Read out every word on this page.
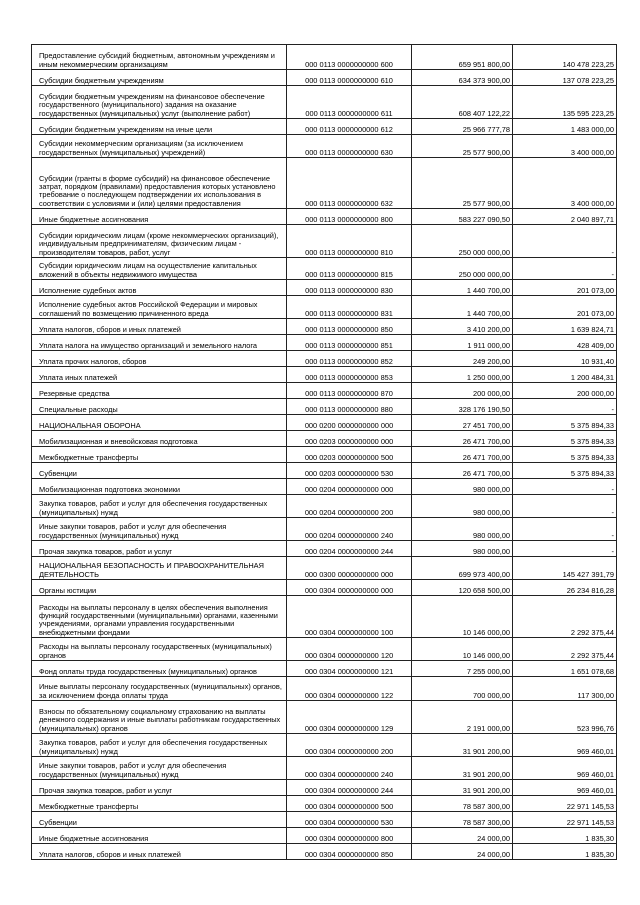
Предоставление субсидий бюджетным, автономным учреждениям и иным некоммерческим организациям	000 0113 0000000000 600	659 951 800,00	140 478 223,25

Субсидии бюджетным учреждениям	000 0113 0000000000 610	634 373 900,00	137 078 223,25

Субсидии бюджетным учреждениям на финансовое обеспечение государственного (муниципального) задания на оказание государственных (муниципальных) услуг (выполнение работ)	000 0113 0000000000 611	608 407 122,22	135 595 223,25

Субсидии бюджетным учреждениям на иные цели	000 0113 0000000000 612	25 966 777,78	1 483 000,00

Субсидии некоммерческим организациям (за исключением государственных (муниципальных) учреждений)	000 0113 0000000000 630	25 577 900,00	3 400 000,00

Субсидии (гранты в форме субсидий) на финансовое обеспечение затрат, порядком (правилами) предоставления которых установлено требование о последующем подтверждении их использования в соответствии с условиями и (или) целями предоставления	000 0113 0000000000 632	25 577 900,00	3 400 000,00

Иные бюджетные ассигнования	000 0113 0000000000 800	583 227 090,50	2 040 897,71

Субсидии юридическим лицам (кроме некоммерческих организаций), индивидуальным предпринимателям, физическим лицам - производителям товаров, работ, услуг	000 0113 0000000000 810	250 000 000,00	-

Субсидии юридическим лицам на осуществление капитальных вложений в объекты недвижимого имущества	000 0113 0000000000 815	250 000 000,00	-

Исполнение судебных актов	000 0113 0000000000 830	1 440 700,00	201 073,00

Исполнение судебных актов Российской Федерации и мировых соглашений по возмещению причиненного вреда	000 0113 0000000000 831	1 440 700,00	201 073,00

Уплата налогов, сборов и иных платежей	000 0113 0000000000 850	3 410 200,00	1 639 824,71

Уплата налога на имущество организаций и земельного налога	000 0113 0000000000 851	1 911 000,00	428 409,00

Уплата прочих налогов, сборов	000 0113 0000000000 852	249 200,00	10 931,40

Уплата иных платежей	000 0113 0000000000 853	1 250 000,00	1 200 484,31

Резервные средства	000 0113 0000000000 870	200 000,00	200 000,00

Специальные расходы	000 0113 0000000000 880	328 176 190,50	-

НАЦИОНАЛЬНАЯ ОБОРОНА	000 0200 0000000000 000	27 451 700,00	5 375 894,33

Мобилизационная и вневойсковая подготовка	000 0203 0000000000 000	26 471 700,00	5 375 894,33

Межбюджетные трансферты	000 0203 0000000000 500	26 471 700,00	5 375 894,33

Субвенции	000 0203 0000000000 530	26 471 700,00	5 375 894,33

Мобилизационная подготовка экономики	000 0204 0000000000 000	980 000,00	-

Закупка товаров, работ и услуг для обеспечения государственных (муниципальных) нужд	000 0204 0000000000 200	980 000,00	-

Иные закупки товаров, работ и услуг для обеспечения государственных (муниципальных) нужд	000 0204 0000000000 240	980 000,00	-

Прочая закупка товаров, работ и услуг	000 0204 0000000000 244	980 000,00	-

НАЦИОНАЛЬНАЯ БЕЗОПАСНОСТЬ И ПРАВООХРАНИТЕЛЬНАЯ ДЕЯТЕЛЬНОСТЬ	000 0300 0000000000 000	699 973 400,00	145 427 391,79

Органы юстиции	000 0304 0000000000 000	120 658 500,00	26 234 816,28

Расходы на выплаты персоналу в целях обеспечения выполнения функций государственными (муниципальными) органами, казенными учреждениями, органами управления государственными внебюджетными фондами	000 0304 0000000000 100	10 146 000,00	2 292 375,44

Расходы на выплаты персоналу государственных (муниципальных) органов	000 0304 0000000000 120	10 146 000,00	2 292 375,44

Фонд оплаты труда государственных (муниципальных) органов	000 0304 0000000000 121	7 255 000,00	1 651 078,68

Иные выплаты персоналу государственных (муниципальных) органов, за исключением фонда оплаты труда	000 0304 0000000000 122	700 000,00	117 300,00

Взносы по обязательному социальному страхованию на выплаты денежного содержания и иные выплаты работникам государственных (муниципальных) органов	000 0304 0000000000 129	2 191 000,00	523 996,76

Закупка товаров, работ и услуг для обеспечения государственных (муниципальных) нужд	000 0304 0000000000 200	31 901 200,00	969 460,01

Иные закупки товаров, работ и услуг для обеспечения государственных (муниципальных) нужд	000 0304 0000000000 240	31 901 200,00	969 460,01

Прочая закупка товаров, работ и услуг	000 0304 0000000000 244	31 901 200,00	969 460,01

Межбюджетные трансферты	000 0304 0000000000 500	78 587 300,00	22 971 145,53

Субвенции	000 0304 0000000000 530	78 587 300,00	22 971 145,53

Иные бюджетные ассигнования	000 0304 0000000000 800	24 000,00	1 835,30

Уплата налогов, сборов и иных платежей	000 0304 0000000000 850	24 000,00	1 835,30
